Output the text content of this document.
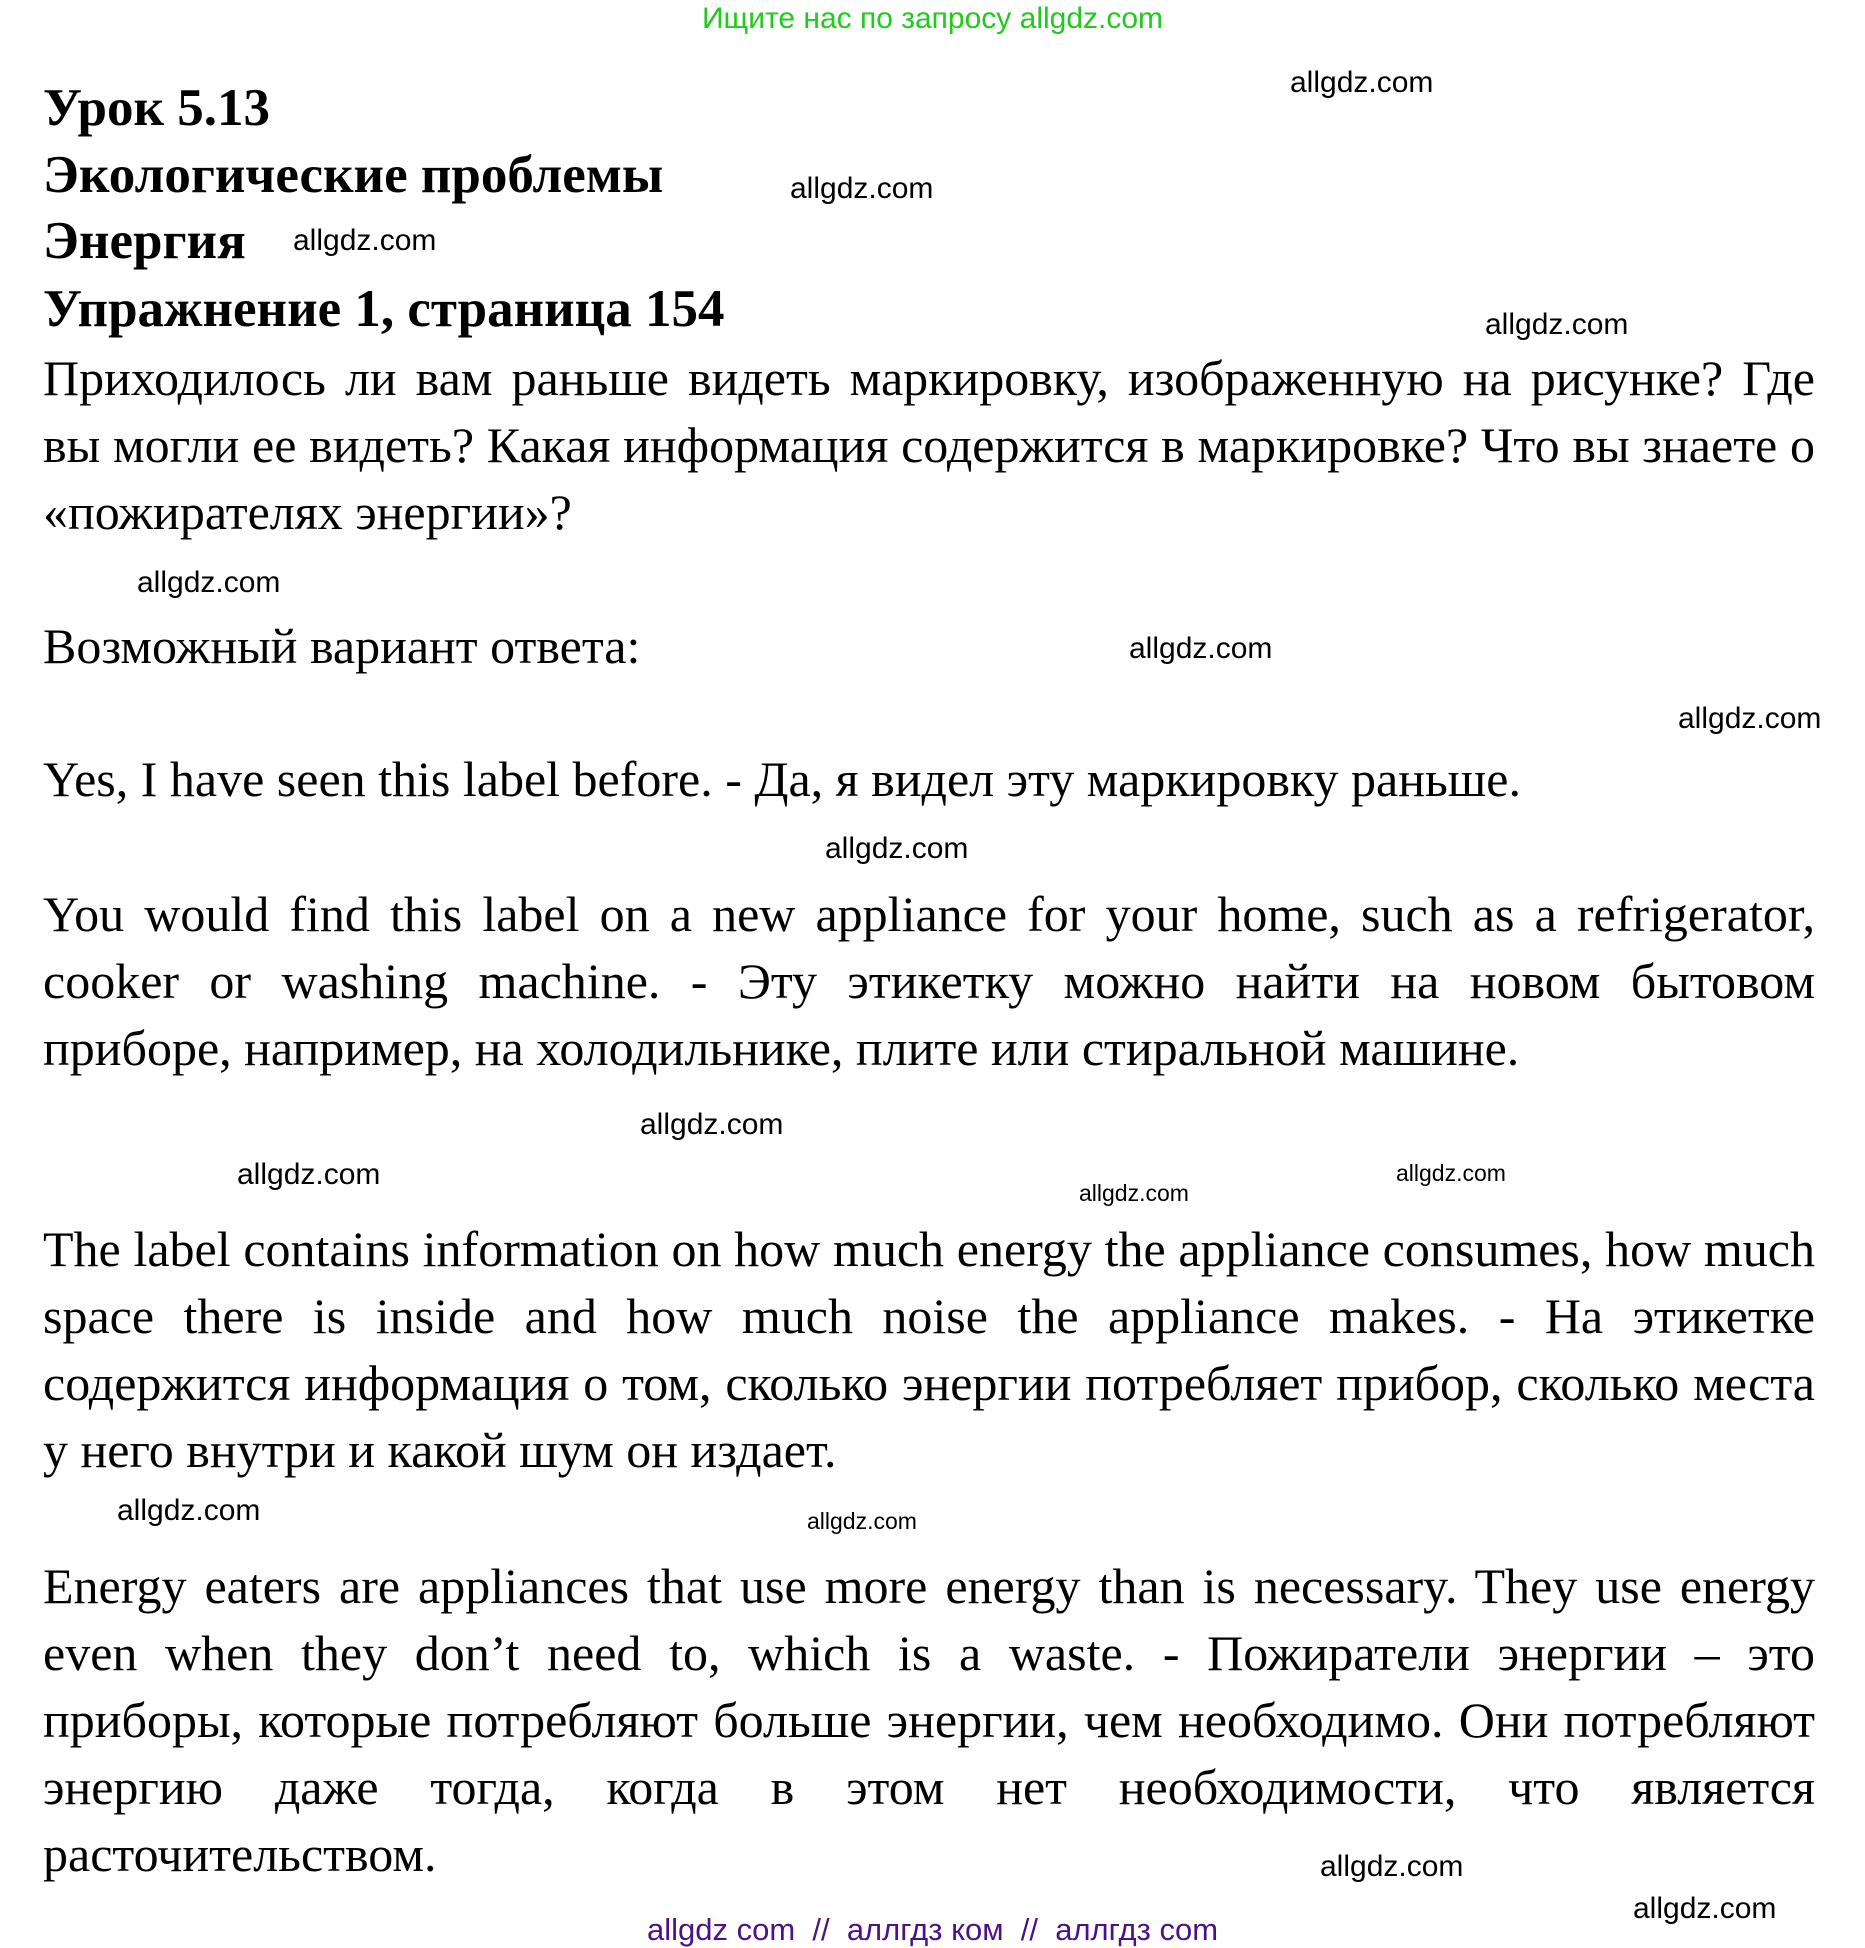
Ищите нас по запросу allgdz.com
Урок 5.13
Экологические проблемы
Энергия
Упражнение 1, страница 154
Приходилось ли вам раньше видеть маркировку, изображенную на рисунке? Где вы могли ее видеть? Какая информация содержится в маркировке? Что вы знаете о «пожирателях энергии»?
Возможный вариант ответа:
Yes, I have seen this label before. - Да, я видел эту маркировку раньше.
You would find this label on a new appliance for your home, such as a refrigerator, cooker or washing machine. - Эту этикетку можно найти на новом бытовом приборе, например, на холодильнике, плите или стиральной машине.
The label contains information on how much energy the appliance consumes, how much space there is inside and how much noise the appliance makes. - На этикетке содержится информация о том, сколько энергии потребляет прибор, сколько места у него внутри и какой шум он издает.
Energy eaters are appliances that use more energy than is necessary. They use energy even when they don’t need to, which is a waste. - Пожиратели энергии – это приборы, которые потребляют больше энергии, чем необходимо. Они потребляют энергию даже тогда, когда в этом нет необходимости, что является расточительством.
allgdz.com
allgdz.com
allgdz.com
allgdz.com
allgdz.com
allgdz.com
allgdz.com
allgdz.com
allgdz.com
allgdz.com
allgdz.com
allgdz.com
allgdz.com	allgdz.com
allgdz.com
allgdz.com
allgdz com  //  аллгдз ком  //  аллгдз com
